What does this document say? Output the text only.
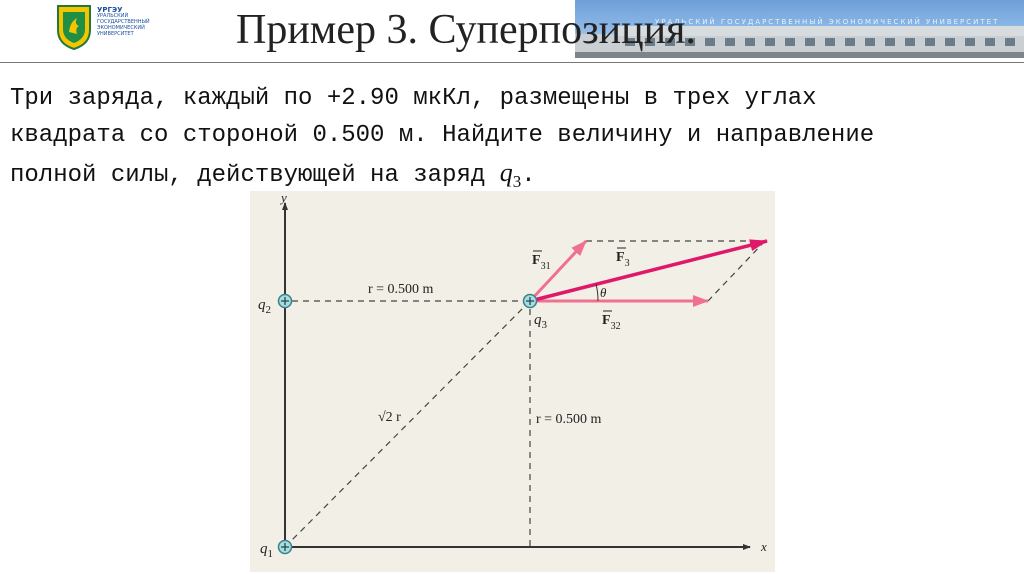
УРГЭУ
УРАЛЬСКИЙ ГОСУДАРСТВЕННЫЙ ЭКОНОМИЧЕСКИЙ УНИВЕРСИТЕТ
УРАЛЬСКИЙ ГОСУДАРСТВЕННЫЙ ЭКОНОМИЧЕСКИЙ УНИВЕРСИТЕТ
Пример 3. Суперпозиция.
Три заряда, каждый по +2.90 мкКл, размещены в трех углах
квадрата со стороной 0.500 м. Найдите величину и направление
полной силы, действующей на заряд $q_3$.
y
x
r = 0.500 m
r = 0.500 m
√2 r
θ
$F_{31}$
$F_3$
$F_{32}$
$q_2$
$q_3$
$q_1$
